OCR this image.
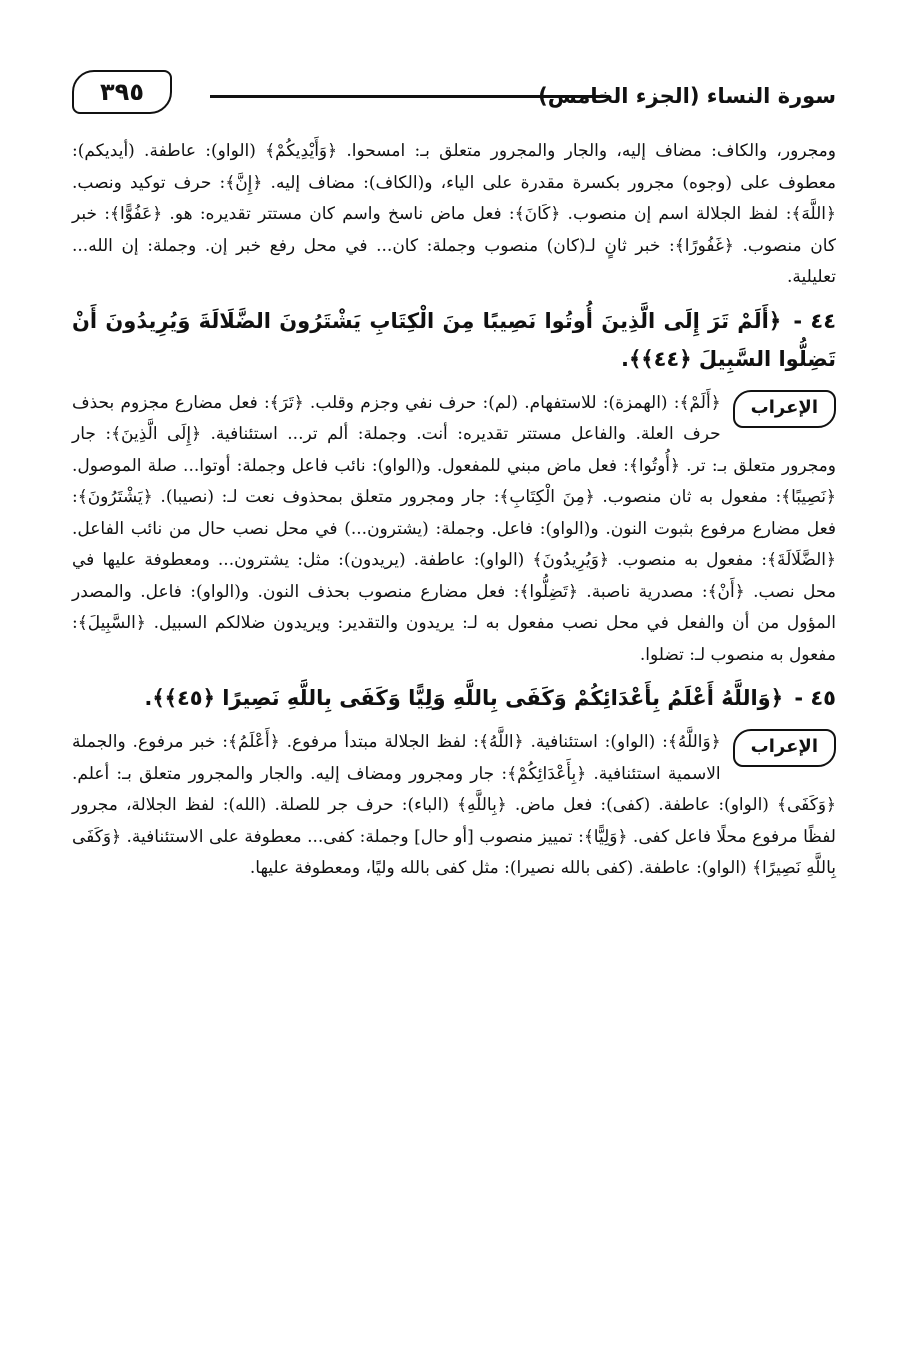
سورة النساء (الجزء الخامس)
٣٩٥

ومجرور، والكاف: مضاف إليه، والجار والمجرور متعلق بـ: امسحوا. ﴿وَأَيْدِيكُمْ﴾ (الواو): عاطفة. (أيديكم): معطوف على (وجوه) مجرور بكسرة مقدرة على الياء، و(الكاف): مضاف إليه. ﴿إِنَّ﴾: حرف توكيد ونصب. ﴿اللَّهَ﴾: لفظ الجلالة اسم إن منصوب. ﴿كَانَ﴾: فعل ماض ناسخ واسم كان مستتر تقديره: هو. ﴿عَفُوًّا﴾: خبر كان منصوب. ﴿غَفُورًا﴾: خبر ثانٍ لـ(كان) منصوب وجملة: كان... في محل رفع خبر إن. وجملة: إن الله... تعليلية.

٤٤ - ﴿أَلَمْ تَرَ إِلَى الَّذِينَ أُوتُوا نَصِيبًا مِنَ الْكِتَابِ يَشْتَرُونَ الضَّلَالَةَ وَيُرِيدُونَ أَنْ تَضِلُّوا السَّبِيلَ ﴿٤٤﴾﴾.

الإعراب

﴿أَلَمْ﴾: (الهمزة): للاستفهام. (لم): حرف نفي وجزم وقلب. ﴿تَرَ﴾: فعل مضارع مجزوم بحذف حرف العلة. والفاعل مستتر تقديره: أنت. وجملة: ألم تر... استئنافية. ﴿إِلَى الَّذِينَ﴾: جار ومجرور متعلق بـ: تر. ﴿أُوتُوا﴾: فعل ماض مبني للمفعول. و(الواو): نائب فاعل وجملة: أوتوا... صلة الموصول. ﴿نَصِيبًا﴾: مفعول به ثان منصوب. ﴿مِنَ الْكِتَابِ﴾: جار ومجرور متعلق بمحذوف نعت لـ: (نصيبا). ﴿يَشْتَرُونَ﴾: فعل مضارع مرفوع بثبوت النون. و(الواو): فاعل. وجملة: (يشترون...) في محل نصب حال من نائب الفاعل. ﴿الضَّلَالَةَ﴾: مفعول به منصوب. ﴿وَيُرِيدُونَ﴾ (الواو): عاطفة. (يريدون): مثل: يشترون... ومعطوفة عليها في محل نصب. ﴿أَنْ﴾: مصدرية ناصبة. ﴿تَضِلُّوا﴾: فعل مضارع منصوب بحذف النون. و(الواو): فاعل. والمصدر المؤول من أن والفعل في محل نصب مفعول به لـ: يريدون والتقدير: ويريدون ضلالكم السبيل. ﴿السَّبِيلَ﴾: مفعول به منصوب لـ: تضلوا.

٤٥ - ﴿وَاللَّهُ أَعْلَمُ بِأَعْدَائِكُمْ وَكَفَى بِاللَّهِ وَلِيًّا وَكَفَى بِاللَّهِ نَصِيرًا ﴿٤٥﴾﴾.

الإعراب

﴿وَاللَّهُ﴾: (الواو): استئنافية. ﴿اللَّهُ﴾: لفظ الجلالة مبتدأ مرفوع. ﴿أَعْلَمُ﴾: خبر مرفوع. والجملة الاسمية استئنافية. ﴿بِأَعْدَائِكُمْ﴾: جار ومجرور ومضاف إليه. والجار والمجرور متعلق بـ: أعلم. ﴿وَكَفَى﴾ (الواو): عاطفة. (كفى): فعل ماض. ﴿بِاللَّهِ﴾ (الباء): حرف جر للصلة. (الله): لفظ الجلالة، مجرور لفظًا مرفوع محلًا فاعل كفى. ﴿وَلِيًّا﴾: تمييز منصوب [أو حال] وجملة: كفى... معطوفة على الاستئنافية. ﴿وَكَفَى بِاللَّهِ نَصِيرًا﴾ (الواو): عاطفة. (كفى بالله نصيرا): مثل كفى بالله وليًا، ومعطوفة عليها.
